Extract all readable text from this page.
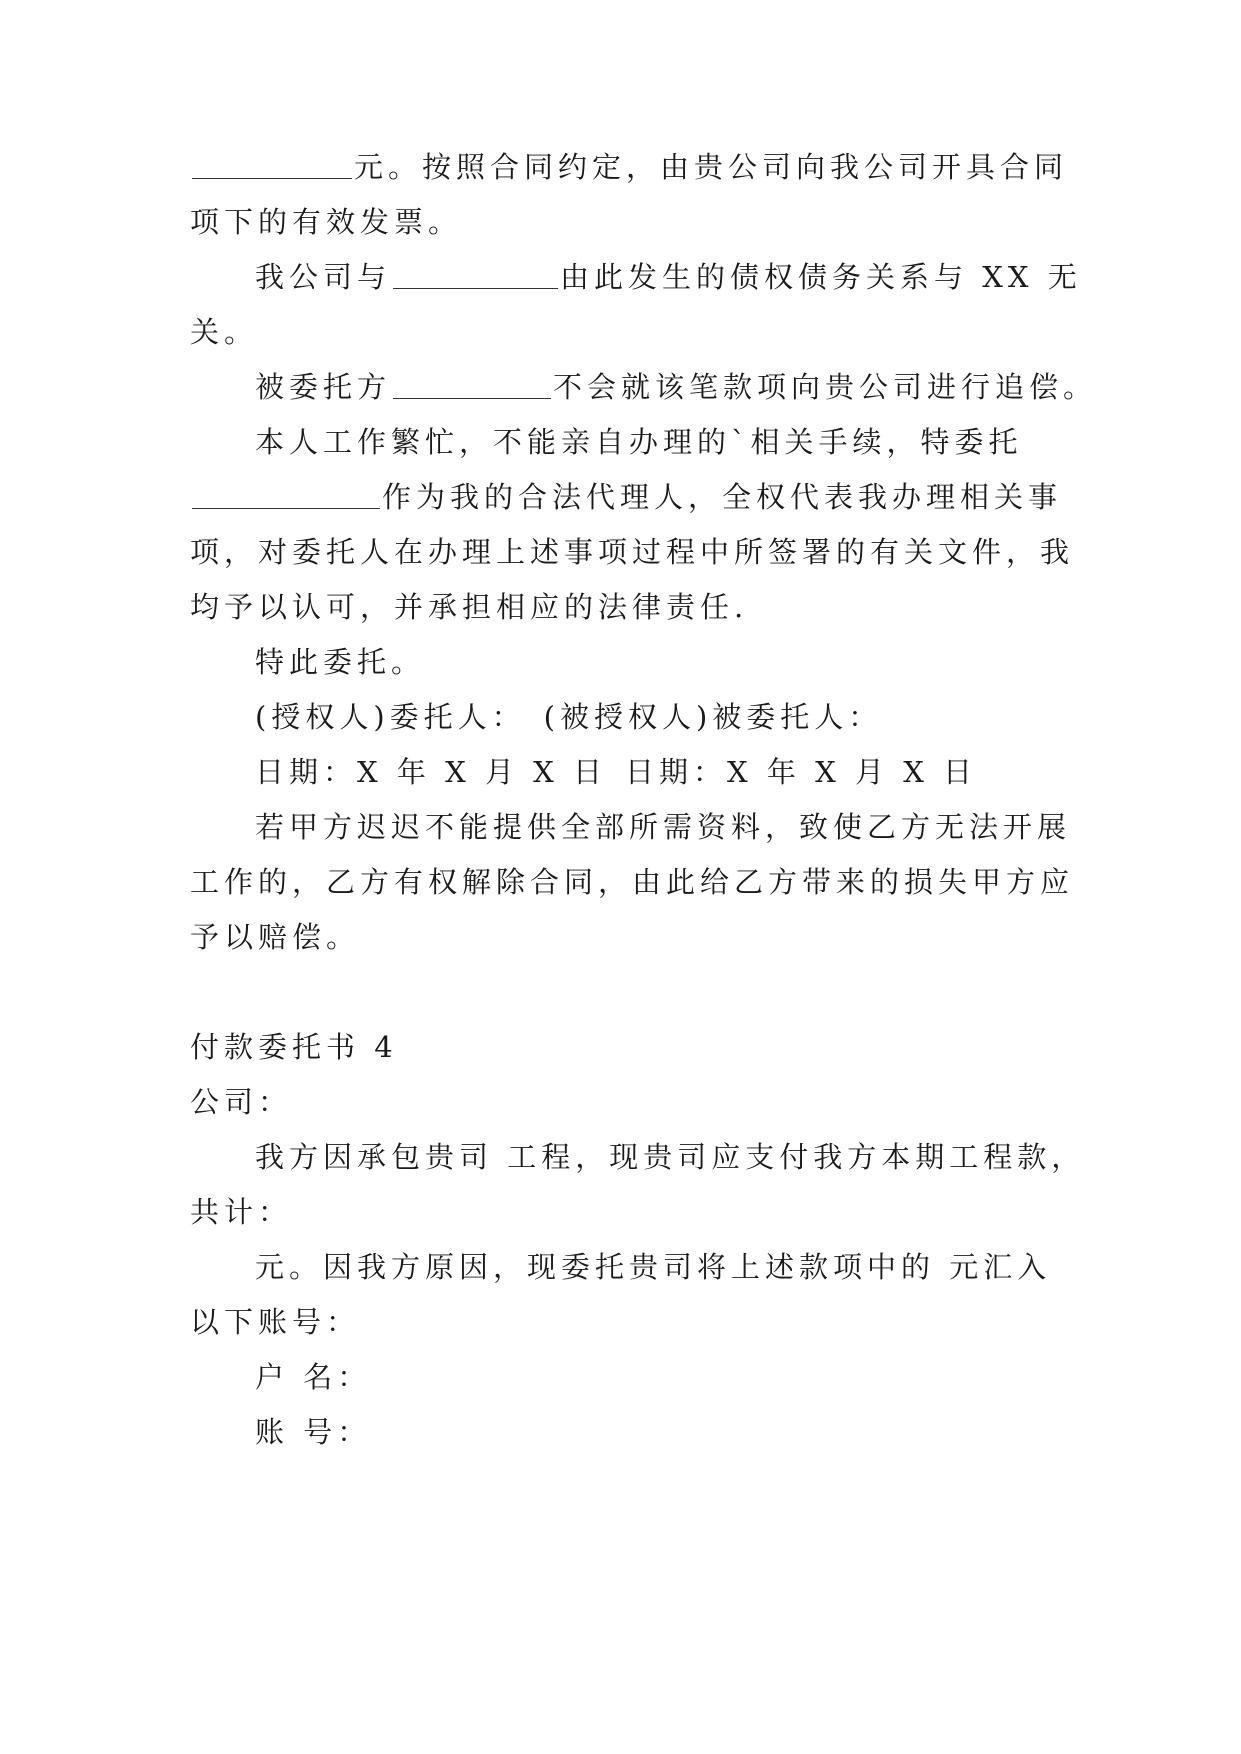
元。按照合同约定，由贵公司向我公司开具合同
项下的有效发票。
我公司与	由此发生的债权债务关系与 XX 无
关。
被委托方	不会就该笔款项向贵公司进行追偿。
本人工作繁忙，不能亲自办理的`相关手续，特委托
作为我的合法代理人，全权代表我办理相关事
项，对委托人在办理上述事项过程中所签署的有关文件，我
均予以认可，并承担相应的法律责任.
特此委托。
(授权人)委托人： (被授权人)被委托人：
日期：X 年 X 月 X 日 日期：X 年 X 月 X 日
若甲方迟迟不能提供全部所需资料，致使乙方无法开展
工作的，乙方有权解除合同，由此给乙方带来的损失甲方应
予以赔偿。
付款委托书 4
公司：
我方因承包贵司 工程，现贵司应支付我方本期工程款，
共计：
元。因我方原因，现委托贵司将上述款项中的 元汇入
以下账号：
户 名：
账 号：
